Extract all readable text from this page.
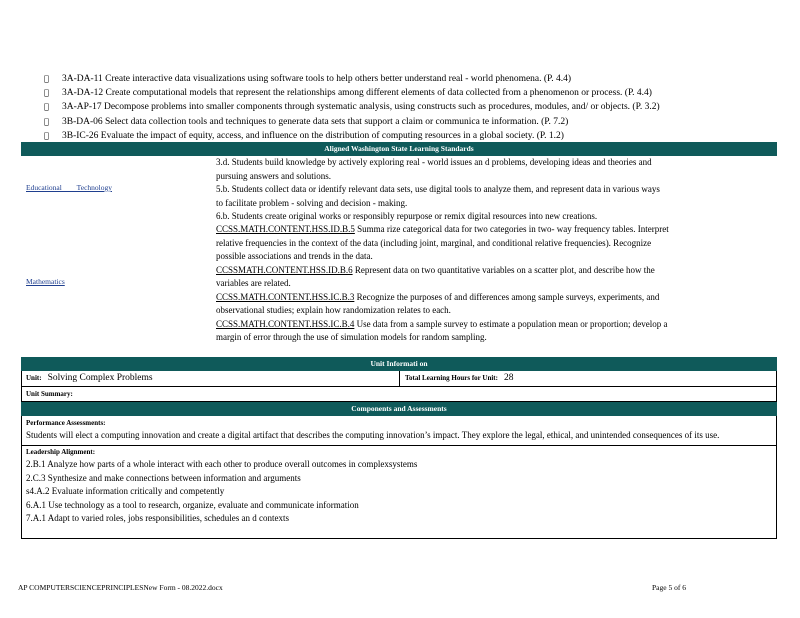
3A-DA-11 Create interactive data visualizations using software tools to help others better understand real - world phenomena. (P. 4.4)
3A-DA-12 Create computational models that represent the relationships among different elements of data collected from a phenomenon or process. (P. 4.4)
3A-AP-17 Decompose problems into smaller components through systematic analysis, using constructs such as procedures, modules, and/ or objects. (P. 3.2)
3B-DA-06 Select data collection tools and techniques to generate data sets that support a claim or communica te information. (P. 7.2)
3B-IC-26 Evaluate the impact of equity, access, and influence on the distribution of computing resources in a global society. (P. 1.2)
Aligned Washington State Learning Standards
Educational        Technology
3.d. Students build knowledge by actively exploring real - world issues an d problems, developing ideas and theories and
pursuing answers and solutions.
5.b. Students collect data or identify relevant data sets, use digital tools to analyze them, and represent data in various ways
to facilitate problem - solving and decision - making.
6.b. Students create original works or responsibly repurpose or remix digital resources into new creations.
Mathematics
CCSS.MATH.CONTENT.HSS.ID.B.5 Summa rize categorical data for two categories in two- way frequency tables. Interpret
relative frequencies in the context of the data (including joint, marginal, and conditional relative frequencies). Recognize
possible associations and trends in the data.
CCSSMATH.CONTENT.HSS.ID.B.6 Represent data on two quantitative variables on a scatter plot, and describe how the
variables are related.
CCSS.MATH.CONTENT.HSS.IC.B.3 Recognize the purposes of and differences among sample surveys, experiments, and
observational studies; explain how randomization relates to each.
CCSS.MATH.CONTENT.HSS.IC.B.4 Use data from a sample survey to estimate a population mean or proportion; develop a
margin of error through the use of simulation models for random sampling.
Unit Informati on
Unit: Solving Complex Problems	Total Learning Hours for Unit: 28
Unit Summary:
Components and Assessments
Performance Assessments:
Students will elect a computing innovation and create a digital artifact that describes the computing innovation’s impact. They explore the legal, ethical, and unintended consequences of its use.
Leadership Alignment:
2.B.1 Analyze how parts of a whole interact with each other to produce overall outcomes in complexsystems
2.C.3 Synthesize and make connections between information and arguments
s4.A.2 Evaluate information critically and competently
6.A.1 Use technology as a tool to research, organize, evaluate and communicate information
7.A.1 Adapt to varied roles, jobs responsibilities, schedules an d contexts
AP COMPUTERSCIENCEPRINCIPLESNew Form - 08.2022.docx	Page 5 of 6
